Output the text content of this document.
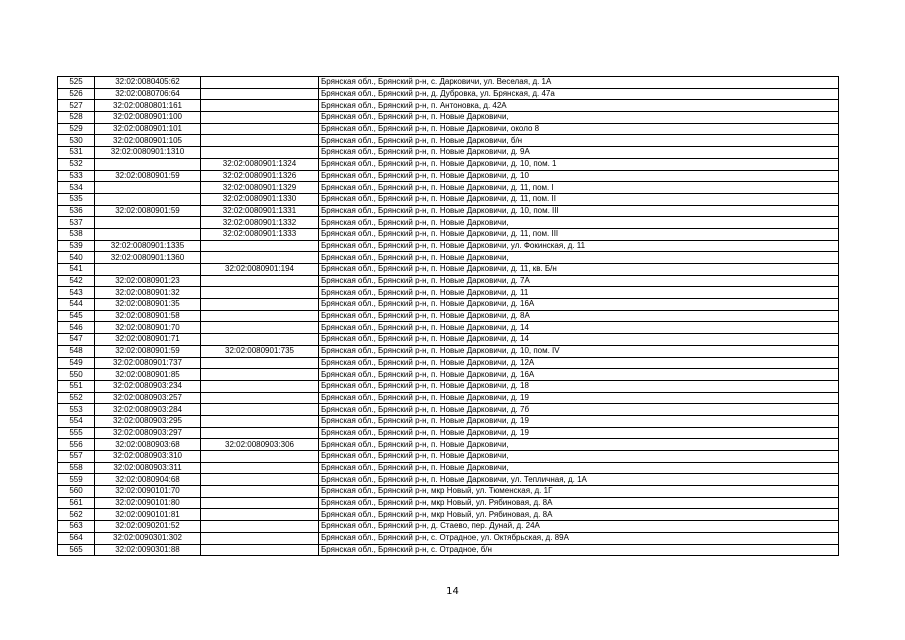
525	32:02:0080405:62		Брянская обл., Брянский р-н, с. Дарковичи, ул. Веселая, д. 1А
526	32:02:0080706:64		Брянская обл., Брянский р-н, д. Дубровка, ул. Брянская, д. 47а
527	32:02:0080801:161		Брянская обл., Брянский р-н, п. Антоновка, д. 42А
528	32:02:0080901:100		Брянская обл., Брянский р-н, п. Новые Дарковичи,
529	32:02:0080901:101		Брянская обл., Брянский р-н, п. Новые Дарковичи, около 8
530	32:02:0080901:105		Брянская обл., Брянский р-н, п. Новые Дарковичи, б/н
531	32:02:0080901:1310		Брянская обл., Брянский р-н, п. Новые Дарковичи, д. 9А
532		32:02:0080901:1324	Брянская обл., Брянский р-н, п. Новые Дарковичи, д. 10, пом. 1
533	32:02:0080901:59	32:02:0080901:1326	Брянская обл., Брянский р-н, п. Новые Дарковичи, д. 10
534		32:02:0080901:1329	Брянская обл., Брянский р-н, п. Новые Дарковичи, д. 11, пом. I
535		32:02:0080901:1330	Брянская обл., Брянский р-н, п. Новые Дарковичи, д. 11, пом. II
536	32:02:0080901:59	32:02:0080901:1331	Брянская обл., Брянский р-н, п. Новые Дарковичи, д. 10, пом. III
537		32:02:0080901:1332	Брянская обл., Брянский р-н, п. Новые Дарковичи,
538		32:02:0080901:1333	Брянская обл., Брянский р-н, п. Новые Дарковичи, д. 11, пом. III
539	32:02:0080901:1335		Брянская обл., Брянский р-н, п. Новые Дарковичи, ул. Фокинская, д. 11
540	32:02:0080901:1360		Брянская обл., Брянский р-н, п. Новые Дарковичи,
541		32:02:0080901:194	Брянская обл., Брянский р-н, п. Новые Дарковичи, д. 11, кв. Б/н
542	32:02:0080901:23		Брянская обл., Брянский р-н, п. Новые Дарковичи, д. 7А
543	32:02:0080901:32		Брянская обл., Брянский р-н, п. Новые Дарковичи, д. 11
544	32:02:0080901:35		Брянская обл., Брянский р-н, п. Новые Дарковичи, д. 16А
545	32:02:0080901:58		Брянская обл., Брянский р-н, п. Новые Дарковичи, д. 8А
546	32:02:0080901:70		Брянская обл., Брянский р-н, п. Новые Дарковичи, д. 14
547	32:02:0080901:71		Брянская обл., Брянский р-н, п. Новые Дарковичи, д. 14
548	32:02:0080901:59	32:02:0080901:735	Брянская обл., Брянский р-н, п. Новые Дарковичи, д. 10, пом. IV
549	32:02:0080901:737		Брянская обл., Брянский р-н, п. Новые Дарковичи, д. 12А
550	32:02:0080901:85		Брянская обл., Брянский р-н, п. Новые Дарковичи, д. 16А
551	32:02:0080903:234		Брянская обл., Брянский р-н, п. Новые Дарковичи, д. 18
552	32:02:0080903:257		Брянская обл., Брянский р-н, п. Новые Дарковичи, д. 19
553	32:02:0080903:284		Брянская обл., Брянский р-н, п. Новые Дарковичи, д. 7б
554	32:02:0080903:295		Брянская обл., Брянский р-н, п. Новые Дарковичи, д. 19
555	32:02:0080903:297		Брянская обл., Брянский р-н, п. Новые Дарковичи, д. 19
556	32:02:0080903:68	32:02:0080903:306	Брянская обл., Брянский р-н, п. Новые Дарковичи,
557	32:02:0080903:310		Брянская обл., Брянский р-н, п. Новые Дарковичи,
558	32:02:0080903:311		Брянская обл., Брянский р-н, п. Новые Дарковичи,
559	32:02:0080904:68		Брянская обл., Брянский р-н, п. Новые Дарковичи, ул. Тепличная, д. 1А
560	32:02:0090101:70		Брянская обл., Брянский р-н, мкр Новый, ул. Тюменская, д. 1Г
561	32:02:0090101:80		Брянская обл., Брянский р-н, мкр Новый, ул. Рябиновая, д. 8А
562	32:02:0090101:81		Брянская обл., Брянский р-н, мкр Новый, ул. Рябиновая, д. 8А
563	32:02:0090201:52		Брянская обл., Брянский р-н, д. Стаево, пер. Дунай, д. 24А
564	32:02:0090301:302		Брянская обл., Брянский р-н, с. Отрадное, ул. Октябрьская, д. 89А
565	32:02:0090301:88		Брянская обл., Брянский р-н, с. Отрадное, б/н
14
